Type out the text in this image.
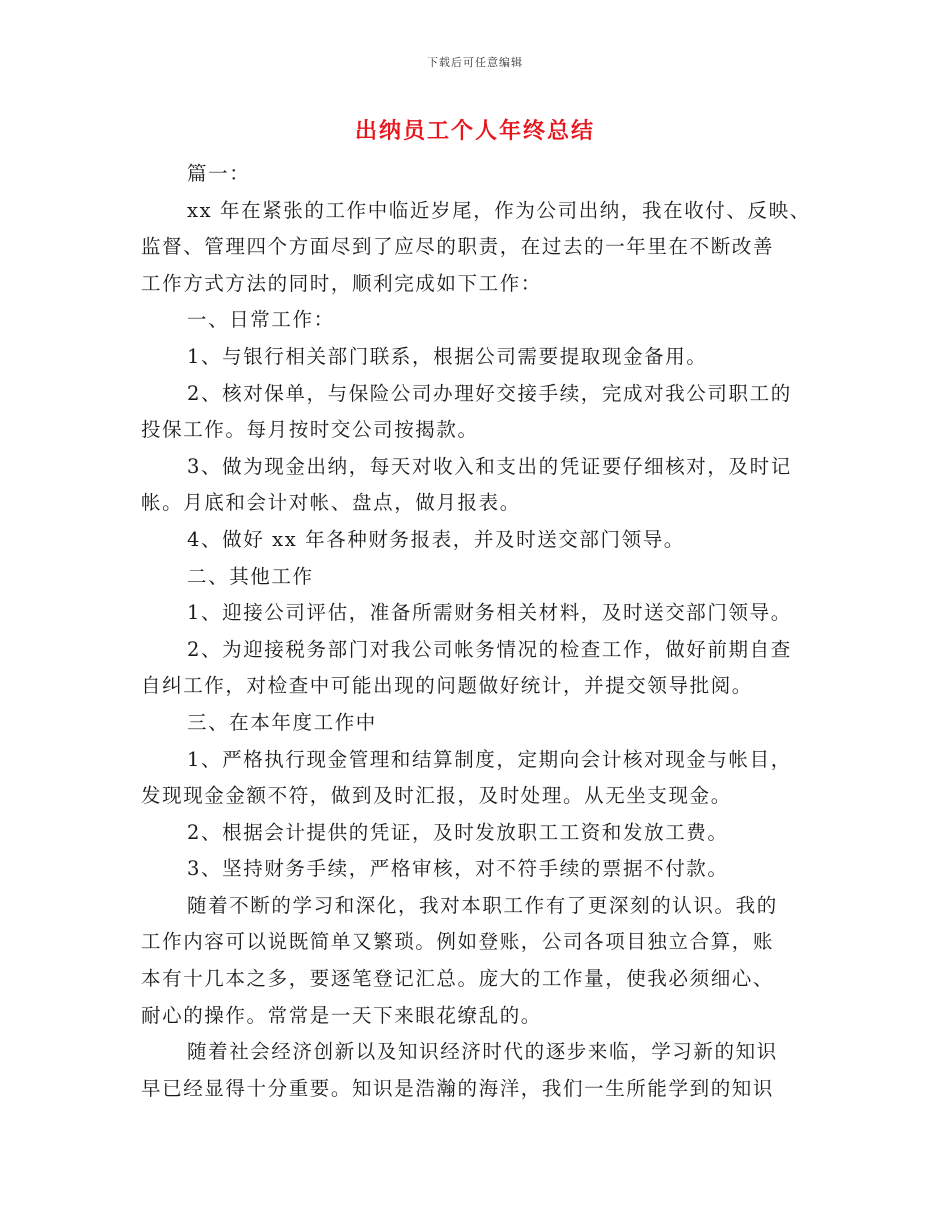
下载后可任意编辑
出纳员工个人年终总结
篇一：
xx 年在紧张的工作中临近岁尾，作为公司出纳，我在收付、反映、
监督、管理四个方面尽到了应尽的职责，在过去的一年里在不断改善
工作方式方法的同时，顺利完成如下工作：
一、日常工作：
1、与银行相关部门联系，根据公司需要提取现金备用。
2、核对保单，与保险公司办理好交接手续，完成对我公司职工的
投保工作。每月按时交公司按揭款。
3、做为现金出纳，每天对收入和支出的凭证要仔细核对，及时记
帐。月底和会计对帐、盘点，做月报表。
4、做好 xx 年各种财务报表，并及时送交部门领导。
二、其他工作
1、迎接公司评估，准备所需财务相关材料，及时送交部门领导。
2、为迎接税务部门对我公司帐务情况的检查工作，做好前期自查
自纠工作，对检查中可能出现的问题做好统计，并提交领导批阅。
三、在本年度工作中
1、严格执行现金管理和结算制度，定期向会计核对现金与帐目，
发现现金金额不符，做到及时汇报，及时处理。从无坐支现金。
2、根据会计提供的凭证，及时发放职工工资和发放工费。
3、坚持财务手续，严格审核，对不符手续的票据不付款。
随着不断的学习和深化，我对本职工作有了更深刻的认识。我的
工作内容可以说既简单又繁琐。例如登账，公司各项目独立合算，账
本有十几本之多，要逐笔登记汇总。庞大的工作量，使我必须细心、
耐心的操作。常常是一天下来眼花缭乱的。
随着社会经济创新以及知识经济时代的逐步来临，学习新的知识
早已经显得十分重要。知识是浩瀚的海洋，我们一生所能学到的知识
